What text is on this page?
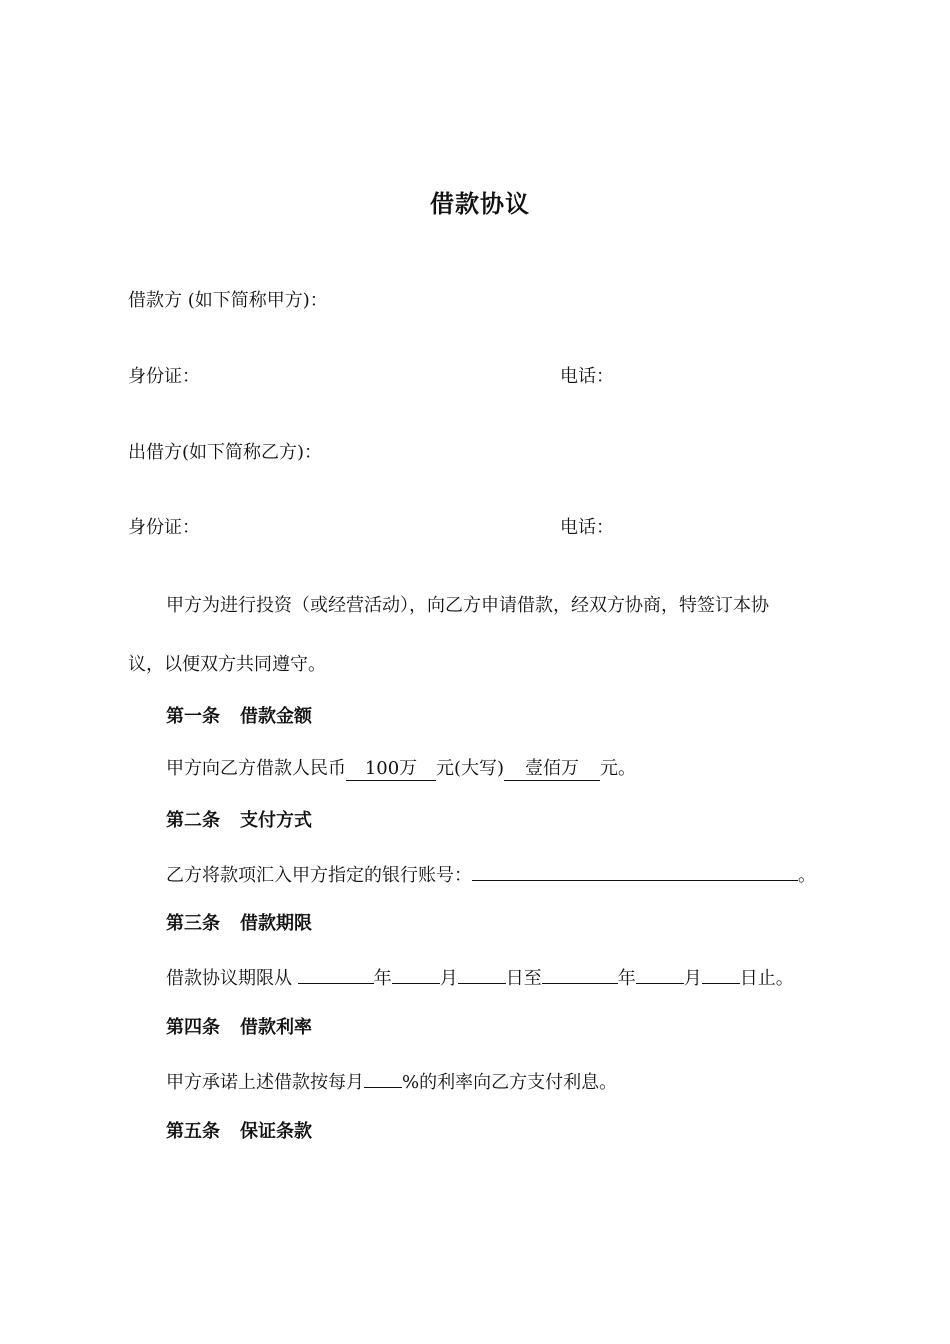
借款协议
借款方 (如下简称甲方)：
身份证：	电话：
出借方(如下简称乙方)：
身份证：	电话：
甲方为进行投资（或经营活动），向乙方申请借款，经双方协商，特签订本协
议，以便双方共同遵守。
第一条 借款金额
甲方向乙方借款人民币 100万 元(大写) 壹佰万 元。
第二条 支付方式
乙方将款项汇入甲方指定的银行账号：	。
第三条 借款期限
借款协议期限从	年	月	日至	年	月 日止。
第四条 借款利率
甲方承诺上述借款按每月 %的利率向乙方支付利息。
第五条 保证条款
